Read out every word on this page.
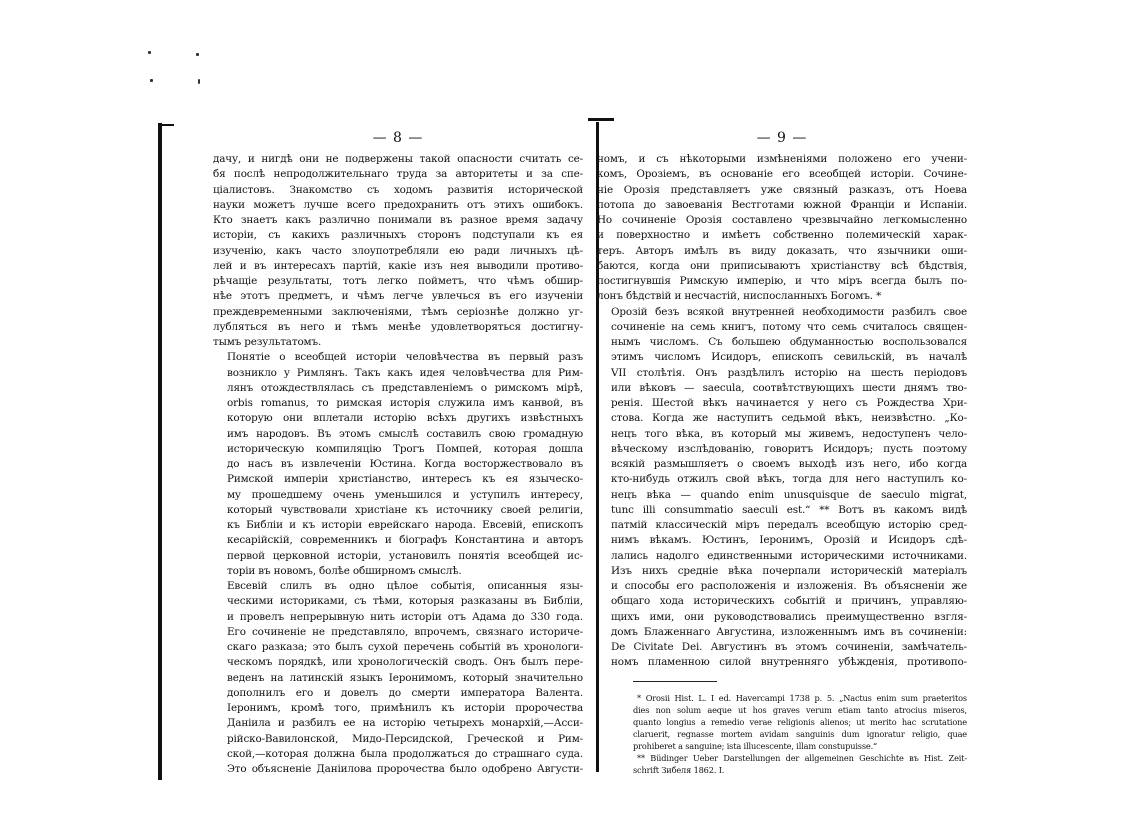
— 8 —
дачу, и нигдѣ они не подвержены такой опасности считать се-
бя послѣ непродолжительнаго труда за авторитеты и за спе-
ціалистовъ. Знакомство съ ходомъ развитія исторической
науки можетъ лучше всего предохранить отъ этихъ ошибокъ.
Кто знаетъ какъ различно понимали въ разное время задачу
исторіи, съ какихъ различныхъ сторонъ подступали къ ея
изученію, какъ часто злоупотребляли ею ради личныхъ цѣ-
лей и въ интересахъ партій, какіе изъ нея выводили противо-
рѣчащіе результаты, тотъ легко пойметъ, что чѣмъ обшир-
нѣе этотъ предметъ, и чѣмъ легче увлечься въ его изученіи
преждевременными заключеніями, тѣмъ серіознѣе должно уг-
лубляться въ него и тѣмъ менѣе удовлетворяться достигну-
тымъ результатомъ.
Понятіе о всеобщей исторіи человѣчества въ первый разъ
возникло у Римлянъ. Такъ какъ идея человѣчества для Рим-
лянъ отождествлялась съ представленіемъ о римскомъ мірѣ,
orbis romanus, то римская исторія служила имъ канвой, въ
которую они вплетали исторію всѣхъ другихъ извѣстныхъ
имъ народовъ. Въ этомъ смыслѣ составилъ свою громадную
историческую компиляцію Трогъ Помпей, которая дошла
до насъ въ извлеченіи Юстина. Когда восторжествовало въ
Римской имперіи христіанство, интересъ къ ея языческо-
му прошедшему очень уменьшился и уступилъ интересу,
который чувствовали христіане къ источнику своей религіи,
къ Библіи и къ исторіи еврейскаго народа. Евсевій, епископъ
кесарійскій, современникъ и біографъ Константина и авторъ
первой церковной исторіи, установилъ понятія всеобщей ис-
торіи въ новомъ, болѣе обширномъ смыслѣ.
Евсевій слилъ въ одно цѣлое событія, описанныя язы-
ческими историками, съ тѣми, которыя разказаны въ Библіи,
и провелъ непрерывную нить исторіи отъ Адама до 330 года.
Его сочиненіе не представляло, впрочемъ, связнаго историче-
скаго разказа; это былъ сухой перечень событій въ хронологи-
ческомъ порядкѣ, или хронологическій сводъ. Онъ былъ пере-
веденъ на латинскій языкъ Іеронимомъ, который значительно
дополнилъ его и довелъ до смерти императора Валента.
Іеронимъ, кромѣ того, примѣнилъ къ исторіи пророчества
Даніила и разбилъ ее на исторію четырехъ монархій,—Асси-
рійско-Вавилонской, Мидо-Персидской, Греческой и Рим-
ской,—которая должна была продолжаться до страшнаго суда.
Это объясненіе Даніилова пророчества было одобрено Августи-
— 9 —
номъ, и съ нѣкоторыми измѣненіями положено его учени-
комъ, Орозіемъ, въ основаніе его всеобщей исторіи. Сочине-
ніе Орозія представляетъ уже связный разказъ, отъ Ноева
потопа до завоеванія Вестготами южной Франціи и Испаніи.
Но сочиненіе Орозія составлено чрезвычайно легкомысленно
и поверхностно и имѣетъ собственно полемическій харак-
теръ. Авторъ имѣлъ въ виду доказать, что язычники оши-
баются, когда они приписываютъ христіанству всѣ бѣдствія,
постигнувшія Римскую имперію, и что міръ всегда былъ по-
лонъ бѣдствій и несчастій, ниспосланныхъ Богомъ. *
Орозій безъ всякой внутренней необходимости разбилъ свое
сочиненіе на семь книгъ, потому что семь считалось священ-
нымъ числомъ. Съ большею обдуманностью воспользовался
этимъ числомъ Исидоръ, епископъ севильскій, въ началѣ
VII столѣтія. Онъ раздѣлилъ исторію на шесть періодовъ
или вѣковъ — saecula, соотвѣтствующихъ шести днямъ тво-
ренія. Шестой вѣкъ начинается у него съ Рождества Хри-
стова. Когда же наступитъ седьмой вѣкъ, неизвѣстно. „Ко-
нецъ того вѣка, въ который мы живемъ, недоступенъ чело-
вѣческому изслѣдованію, говоритъ Исидоръ; пусть поэтому
всякій размышляетъ о своемъ выходѣ изъ него, ибо когда
кто-нибудь отжилъ свой вѣкъ, тогда для него наступилъ ко-
нецъ вѣка — quando enim unusquisque de saeculo migrat,
tunc illi consummatio saeculi est.“ ** Вотъ въ какомъ видѣ
патмій классическій міръ передалъ всеобщую исторію сред-
нимъ вѣкамъ. Юстинъ, Іеронимъ, Орозій и Исидоръ сдѣ-
лались надолго единственными историческими источниками.
Изъ нихъ средніе вѣка почерпали историческій матеріалъ
и способы его расположенія и изложенія. Въ объясненіи же
общаго хода историческихъ событій и причинъ, управляю-
щихъ ими, они руководствовались преимущественно взгля-
домъ Блаженнаго Августина, изложеннымъ имъ въ сочиненіи:
De Civitate Dei. Августинъ въ этомъ сочиненіи, замѣчатель-
номъ пламенною силой внутренняго убѣжденія, противопо-
* Orosii Hist. L. I ed. Havercampi 1738 p. 5. „Nactus enim sum praeteritos
dies non solum aeque ut hos graves verum etiam tanto atrocius miseros,
quanto longius a remedio verae religionis alienos; ut merito hac scrutatione
claruerit, regnasse mortem avidam sanguinis dum ignoratur religio, quae
prohiberet a sanguine; ista illucescente, illam constupuisse.“
** Büdinger Ueber Darstellungen der allgemeinen Geschichte въ Hist. Zeit-
schrift Зибеля 1862. I.
